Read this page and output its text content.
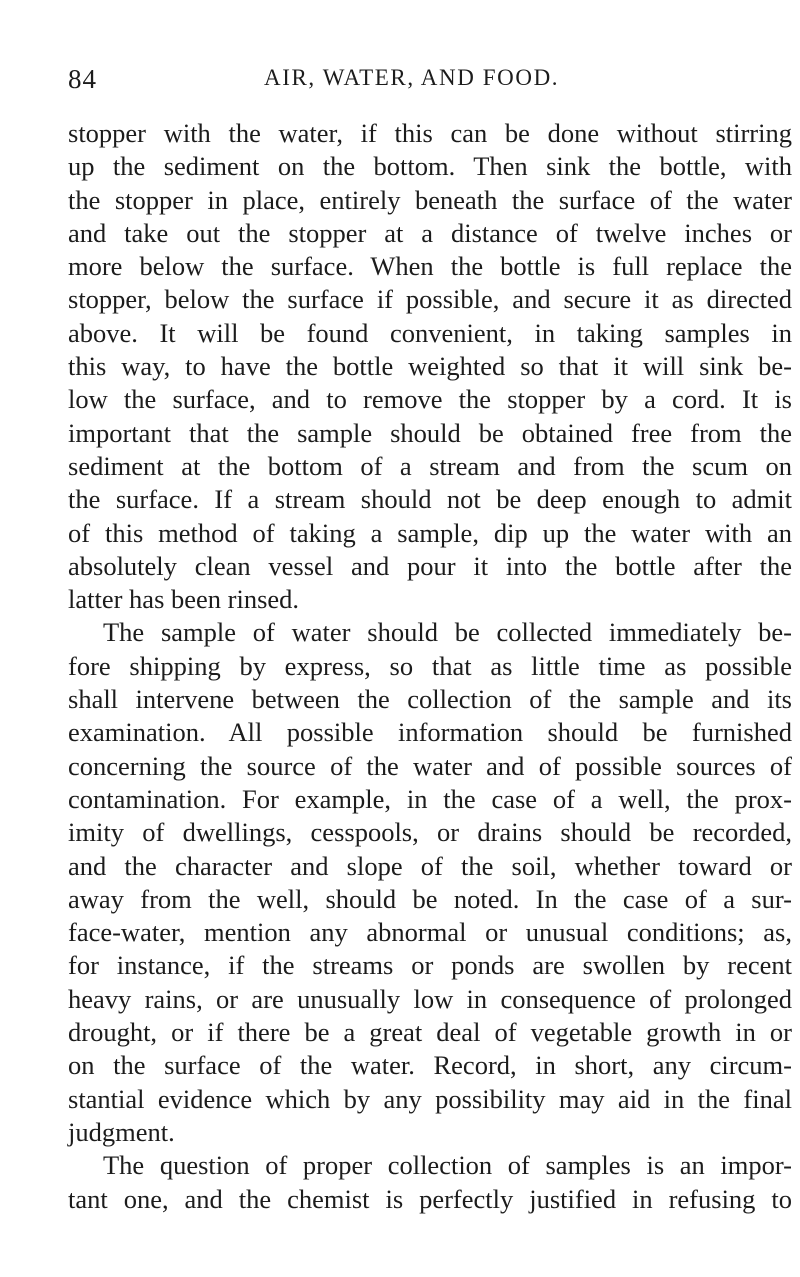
84	AIR, WATER, AND FOOD.
stopper with the water, if this can be done without stirring
up the sediment on the bottom. Then sink the bottle, with
the stopper in place, entirely beneath the surface of the water
and take out the stopper at a distance of twelve inches or
more below the surface. When the bottle is full replace the
stopper, below the surface if possible, and secure it as directed
above. It will be found convenient, in taking samples in
this way, to have the bottle weighted so that it will sink be-
low the surface, and to remove the stopper by a cord. It is
important that the sample should be obtained free from the
sediment at the bottom of a stream and from the scum on
the surface. If a stream should not be deep enough to admit
of this method of taking a sample, dip up the water with an
absolutely clean vessel and pour it into the bottle after the
latter has been rinsed.
The sample of water should be collected immediately be-
fore shipping by express, so that as little time as possible
shall intervene between the collection of the sample and its
examination. All possible information should be furnished
concerning the source of the water and of possible sources of
contamination. For example, in the case of a well, the prox-
imity of dwellings, cesspools, or drains should be recorded,
and the character and slope of the soil, whether toward or
away from the well, should be noted. In the case of a sur-
face-water, mention any abnormal or unusual conditions; as,
for instance, if the streams or ponds are swollen by recent
heavy rains, or are unusually low in consequence of prolonged
drought, or if there be a great deal of vegetable growth in or
on the surface of the water. Record, in short, any circum-
stantial evidence which by any possibility may aid in the final
judgment.
The question of proper collection of samples is an impor-
tant one, and the chemist is perfectly justified in refusing to
